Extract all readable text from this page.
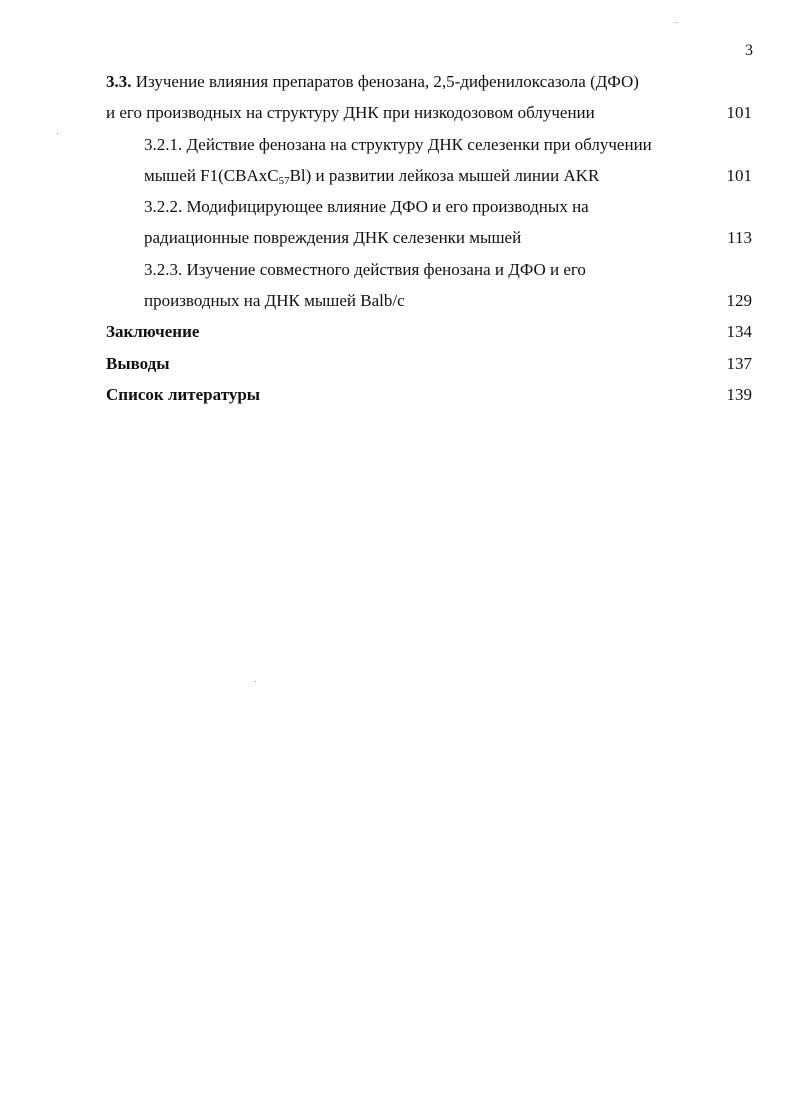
3
3.3. Изучение влияния препаратов фенозана, 2,5-дифенилоксазола (ДФО)
и его производных на структуру ДНК при низкодозовом облучении	101
3.2.1. Действие фенозана на структуру ДНК селезенки при облучении
мышей F1(CBAxC$_{57}$Bl) и развитии лейкоза мышей линии AKR	101
3.2.2. Модифицирующее влияние ДФО и его производных на
радиационные повреждения ДНК селезенки мышей	113
3.2.3. Изучение совместного действия фенозана и ДФО и его
производных на ДНК мышей Balb/c	129
Заключение	134
Выводы	137
Список литературы	139
